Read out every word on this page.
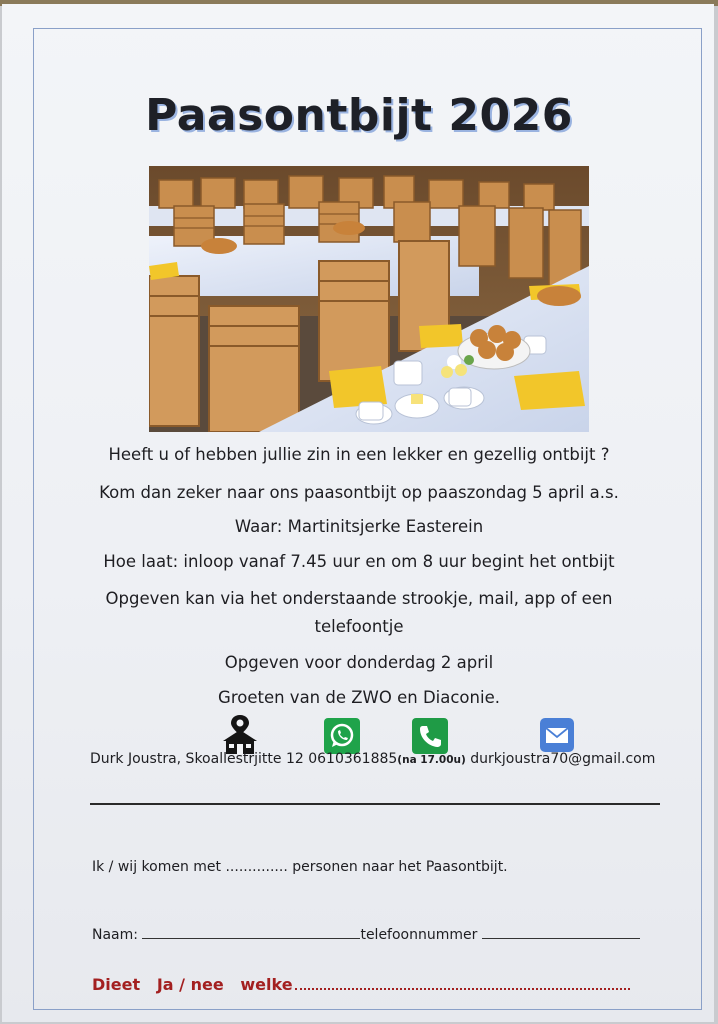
Paasontbijt 2026

Heeft u of hebben jullie zin in een lekker en gezellig ontbijt ?

Kom dan zeker naar ons paasontbijt op paaszondag 5 april a.s.

Waar: Martinitsjerke Easterein

Hoe laat: inloop vanaf 7.45 uur en om 8 uur begint het ontbijt

Opgeven kan via het onderstaande strookje, mail, app of een

telefoontje

Opgeven voor donderdag 2 april

Groeten van de ZWO en Diaconie.

Durk Joustra, Skoallestrjitte 12 0610361885(na 17.00u) durkjoustra70@gmail.com
Ik / wij komen met .............. personen naar het Paasontbijt.
Naam:	telefoonnummer
Dieet Ja / nee welke
